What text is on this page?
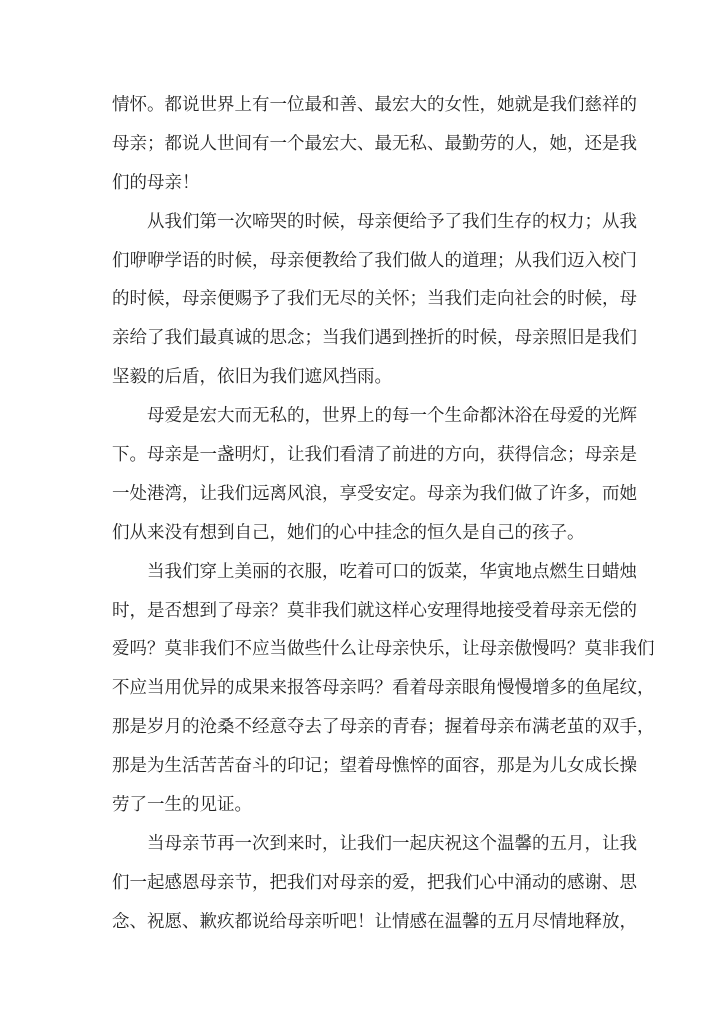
情怀。都说世界上有一位最和善、最宏大的女性，她就是我们慈祥的
母亲；都说人世间有一个最宏大、最无私、最勤劳的人，她，还是我
们的母亲！
从我们第一次啼哭的时候，母亲便给予了我们生存的权力；从我
们咿咿学语的时候，母亲便教给了我们做人的道理；从我们迈入校门
的时候，母亲便赐予了我们无尽的关怀；当我们走向社会的时候，母
亲给了我们最真诚的思念；当我们遇到挫折的时候，母亲照旧是我们
坚毅的后盾，依旧为我们遮风挡雨。
母爱是宏大而无私的，世界上的每一个生命都沐浴在母爱的光辉
下。母亲是一盏明灯，让我们看清了前进的方向，获得信念；母亲是
一处港湾，让我们远离风浪，享受安定。母亲为我们做了许多，而她
们从来没有想到自己，她们的心中挂念的恒久是自己的孩子。
当我们穿上美丽的衣服，吃着可口的饭菜，华寅地点燃生日蜡烛
时，是否想到了母亲？莫非我们就这样心安理得地接受着母亲无偿的
爱吗？莫非我们不应当做些什么让母亲快乐，让母亲傲慢吗？莫非我们
不应当用优异的成果来报答母亲吗？看着母亲眼角慢慢增多的鱼尾纹，
那是岁月的沧桑不经意夺去了母亲的青春；握着母亲布满老茧的双手，
那是为生活苦苦奋斗的印记；望着母憔悴的面容，那是为儿女成长操
劳了一生的见证。
当母亲节再一次到来时，让我们一起庆祝这个温馨的五月，让我
们一起感恩母亲节，把我们对母亲的爱，把我们心中涌动的感谢、思
念、祝愿、歉疚都说给母亲听吧！让情感在温馨的五月尽情地释放，
